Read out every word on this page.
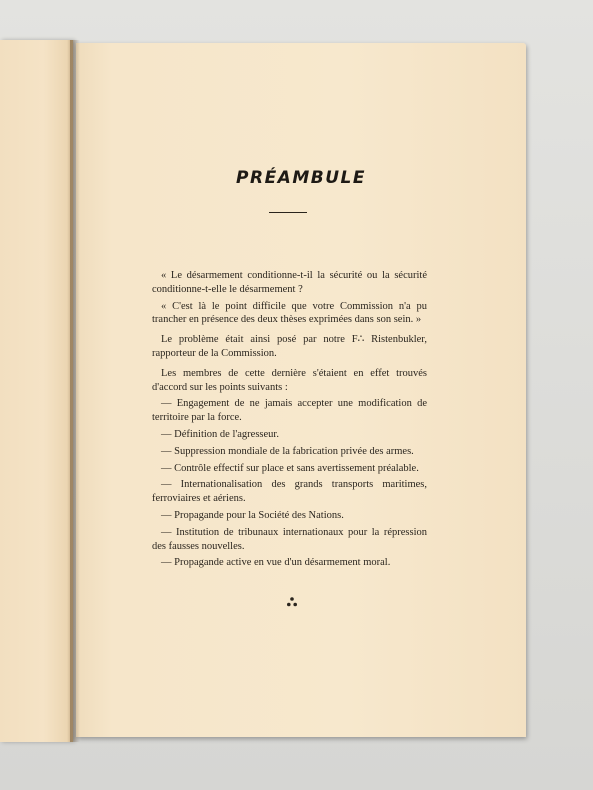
PRÉAMBULE

« Le désarmement conditionne-t-il la sécurité ou la sécurité conditionne-t-elle le désarmement ?

« C'est là le point difficile que votre Commission n'a pu trancher en présence des deux thèses exprimées dans son sein. »

Le problème était ainsi posé par notre F∴ Ristenbukler, rapporteur de la Commission.

Les membres de cette dernière s'étaient en effet trouvés d'accord sur les points suivants :

— Engagement de ne jamais accepter une modification de territoire par la force.

— Définition de l'agresseur.

— Suppression mondiale de la fabrication privée des armes.

— Contrôle effectif sur place et sans avertissement préalable.

— Internationalisation des grands transports maritimes, ferroviaires et aériens.

— Propagande pour la Société des Nations.

— Institution de tribunaux internationaux pour la répression des fausses nouvelles.

— Propagande active en vue d'un désarmement moral.
